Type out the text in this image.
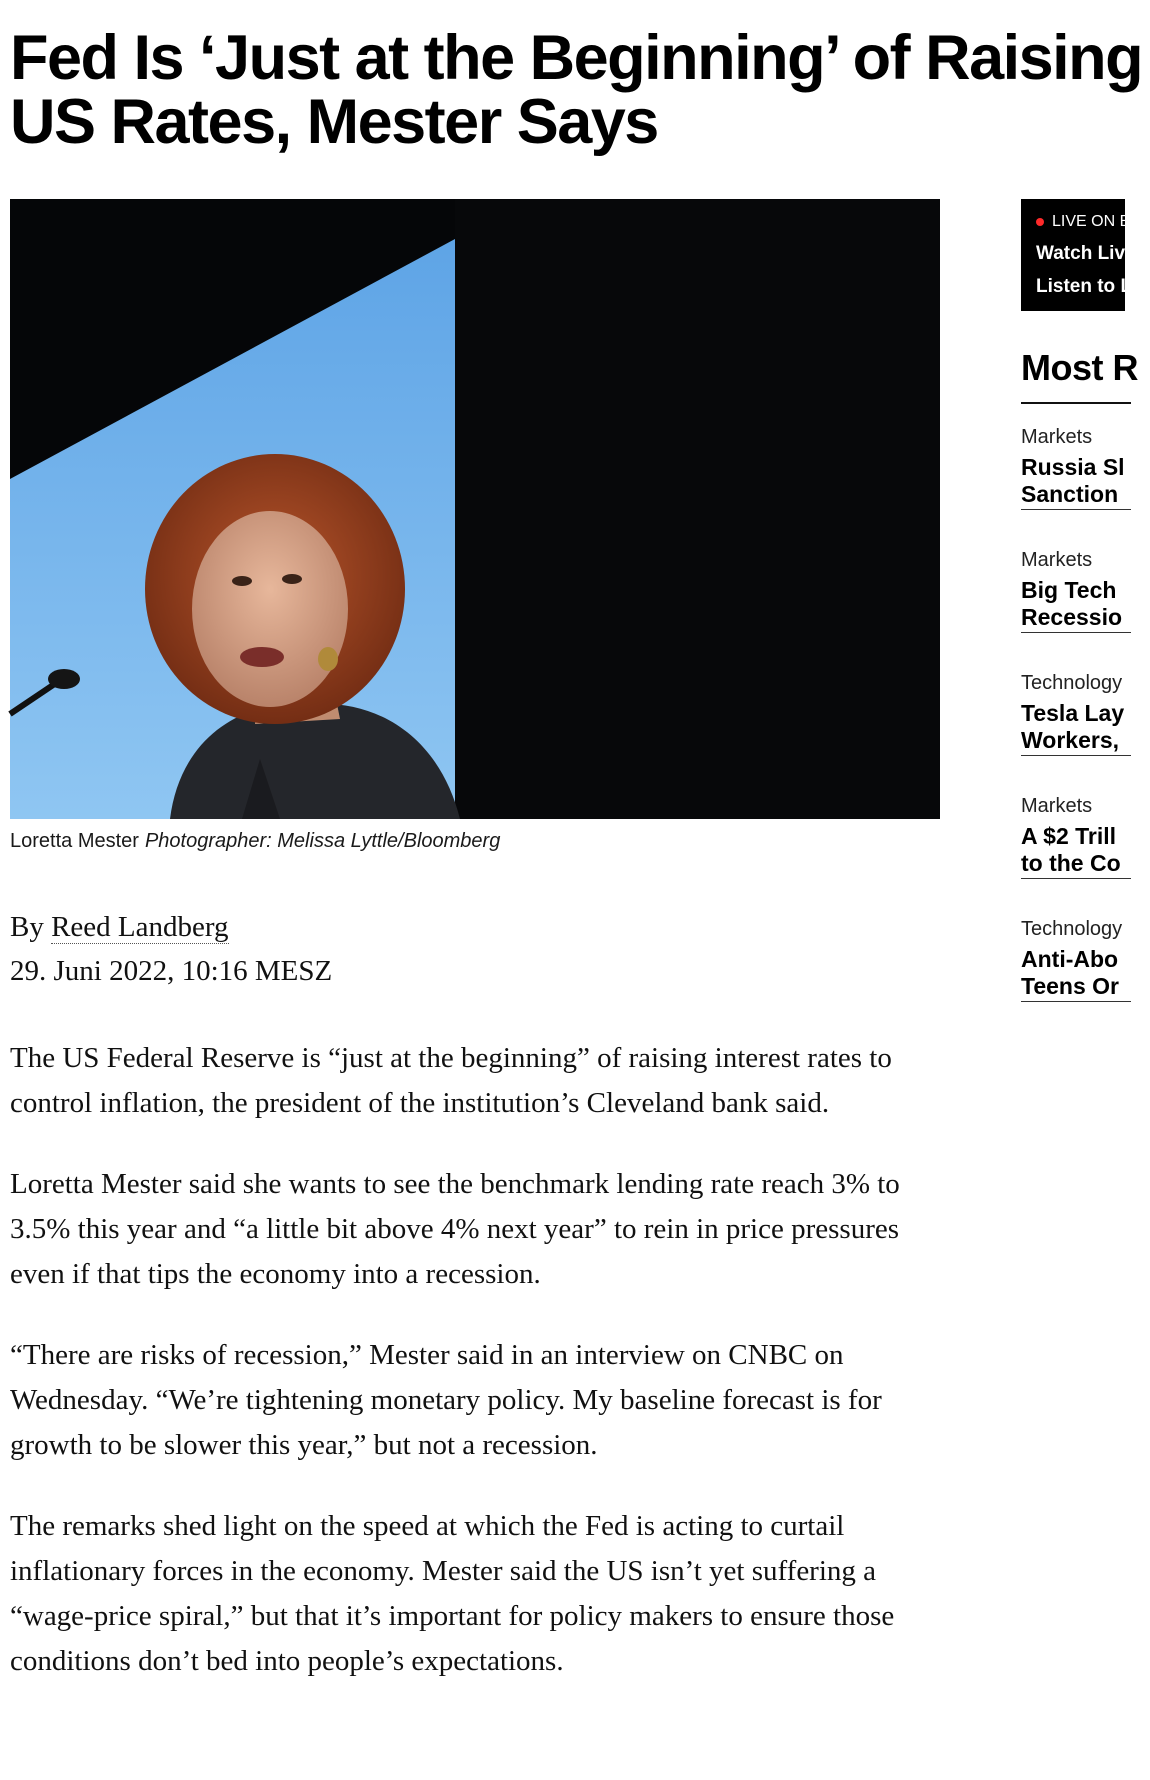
Fed Is ‘Just at the Beginning’ of Raising
US Rates, Mester Says
Loretta Mester Photographer: Melissa Lyttle/Bloomberg
By Reed Landberg
29. Juni 2022, 10:16 MESZ

The US Federal Reserve is “just at the beginning” of raising interest rates to control inflation, the president of the institution’s Cleveland bank said.

Loretta Mester said she wants to see the benchmark lending rate reach 3% to 3.5% this year and “a little bit above 4% next year” to rein in price pressures even if that tips the economy into a recession.

“There are risks of recession,” Mester said in an interview on CNBC on Wednesday. “We’re tightening monetary policy. My baseline forecast is for growth to be slower this year,” but not a recession.

The remarks shed light on the speed at which the Fed is acting to curtail inflationary forces in the economy. Mester said the US isn’t yet suffering a “wage-price spiral,” but that it’s important for policy makers to ensure those conditions don’t bed into people’s expectations.

LIVE ON B
Watch Live
Listen to L
Most R
Markets
Russia Sl
Sanction
Markets
Big Tech
Recessio
Technology
Tesla Lay
Workers,
Markets
A $2 Trill
to the Co
Technology
Anti-Abo
Teens Or
